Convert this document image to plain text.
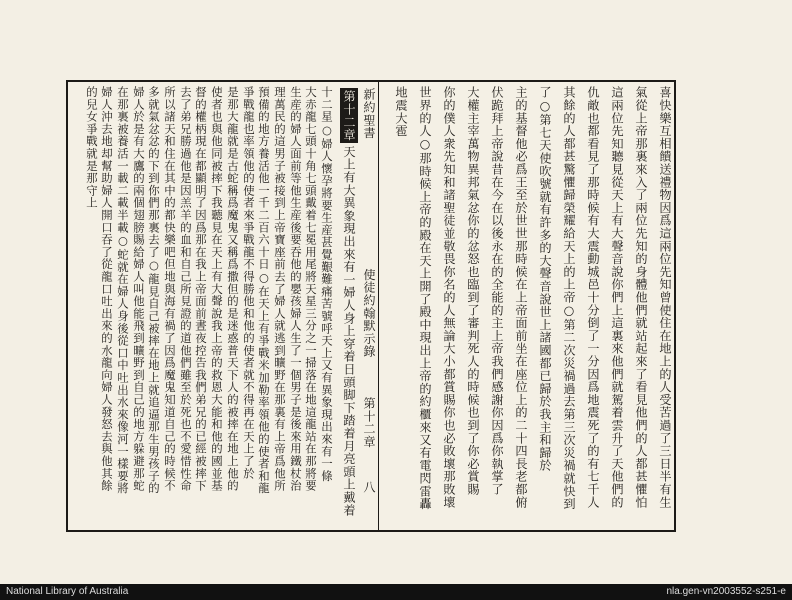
新約聖書  使徒約翰默示錄  第十二章  八
第十二章天上有大異象現出來有一婦人身上穿着日頭脚下踏着月亮頭上戴着	喜快樂互相饋送禮物因爲這兩位先知曾使住在地上的人受苦過了三日半有生
氣從上帝那裏來入了兩位先知的身體他們就站起來了看見他們的人都甚懼怕
這兩位先知聽見從天上有大聲音說你們上這裏來他們就駕着雲升了天他們的
仇敵也都看見了那時候有大震動城邑十分倒了一分因爲地震死了的有七千人
其餘的人都甚驚懼歸榮耀給天上的上帝○第二次災禍過去第三次災禍就快到
了○第七天使吹號就有許多的大聲音說世上諸國都已歸於我主和歸於
主的基督他必爲王至於世世那時候在上帝面前坐在座位上的二十四長老都俯
伏跪拜上帝說昔在今在以後永在的全能的主上帝我們感謝你因爲你執掌了
大權主宰萬物異邦氣忿你的忿怒也臨到了審判死人的時候也到了你必賞賜
你的僕人衆先知和諸聖徒並敬畏你名的人無論大小都賞賜你也必敗壞那敗壞
世界的人○那時候上帝的殿在天上開了殿中現出上帝的約櫃來又有電閃雷轟
地震大雹
十二星○婦人懷孕將要生産甚覺艱難痛苦號呼天上又有異象現出來有一條
大赤龍七頭十角七頭戴着七冕用尾將天星三分之一掃落在地這龍站在那將要
生産的婦人面前等他生産後要吞他的嬰孩婦人生了一個男子是後來用鐵杖治
理萬民的這男子被接到上帝寶座前去了婦人就逃到曠野在那裏有上帝爲他所
預備的地方養活他一千二百六十日○在天上有爭戰米加勒率領他的使者和龍
爭戰龍也率領他的使者來爭戰龍不得勝他和他的使者就不得再在天上了於
是那大龍就是古蛇稱爲魔鬼又稱爲撒但的是迷惑普天下人的被摔在地上他的
使者也與他同被摔下我聽見在天上有大聲說我上帝的救恩大能和他的國並基
督的權柄現在都顯明了因爲那在我上帝面前晝夜控告我們弟兄的已經被摔下
去了弟兄勝過他是因羔羊的血和自己所見證的道他們雖至於死也不愛惜性命
所以諸天和住在其中的都快樂吧但地與海有禍了因爲魔鬼知道自己的時候不
多就氣忿忿的下到你們那裏去了○龍見自己被摔在地上就追逼那生男孩子的
婦人於是有大鷹的兩個翅膀賜給婦人叫他能飛到曠野到自己的地方躲避那蛇
在那裏被養活一載二載半載○蛇就在婦人身後從口中吐出水來像河一樣要將
婦人沖去地却幫助婦人開口吞了從龍口吐出來的水龍向婦人發怒去與他其餘
的兒女爭戰就是那守上
National Library of Australia	nla.gen-vn2003552-s251-e
